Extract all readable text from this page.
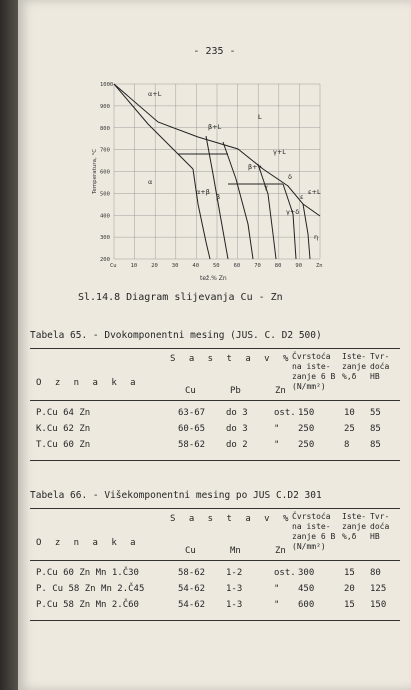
- 235 -
1000
900
800
700
600
500
400
300
200
Cu	10	20	30	40	50	60	70	80	90	Zn
α+L
L
β+L
α
α+β
β
γ
β+γ
γ+L
δ
γ+δ
ε
ε+L
η
Temperatura, °C
tež.% Zn
Sl.14.8 Diagram slijevanja Cu - Zn
Tabela 65. - Dvokomponentni mesing (JUS. C. D2 500)
O z n a k a
S a s t a v %
Cu	Pb	Zn
Čvrstoća
na iste-
zanje 6 B
(N/mm²)
Iste-
zanje
%,δ
Tvr-
doća
HB
P.Cu 64 Zn	63-67 do 3	ost. 150	10 55
K.Cu 62 Zn	60-65 do 3	" 250	25 85
T.Cu 60 Zn	58-62 do 2	" 250	8 85
Tabela 66. - Višekomponentni mesing po JUS C.D2 301
O z n a k a
S a s t a v %
Cu	Mn	Zn
Čvrstoća
na iste-
zanje 6 B
(N/mm²)
Iste-
zanje
%,δ
Tvr-
doća
HB
P.Cu 60 Zn Mn 1.Č30	58-62 1-2	ost. 300	15 80
P. Cu 58 Zn Mn 2.Č45	54-62 1-3	" 450	20 125
P.Cu 58 Zn Mn 2.Č60	54-62 1-3	" 600	15 150
